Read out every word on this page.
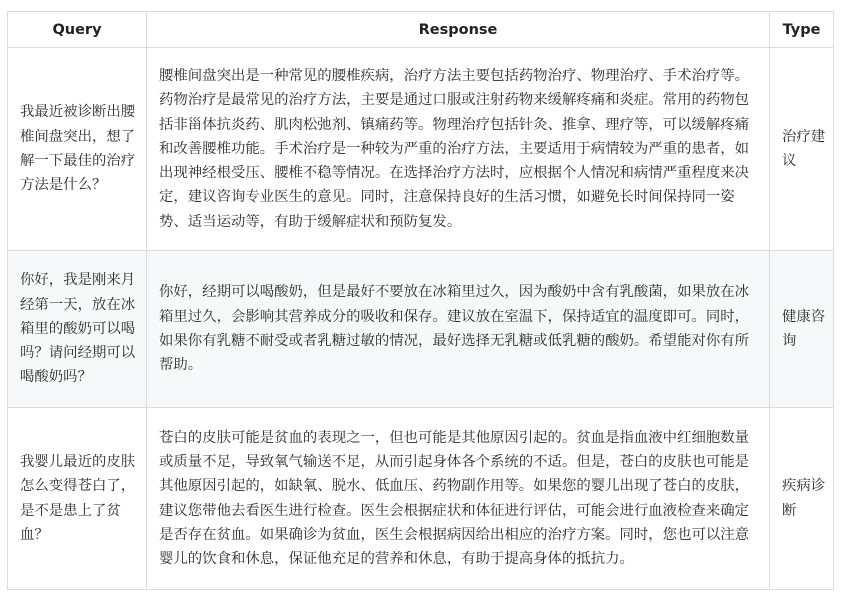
Query	Response	Type
我最近被诊断出腰椎间盘突出，想了解一下最佳的治疗方法是什么？	腰椎间盘突出是一种常见的腰椎疾病，治疗方法主要包括药物治疗、物理治疗、手术治疗等。药物治疗是最常见的治疗方法，主要是通过口服或注射药物来缓解疼痛和炎症。常用的药物包括非甾体抗炎药、肌肉松弛剂、镇痛药等。物理治疗包括针灸、推拿、理疗等，可以缓解疼痛和改善腰椎功能。手术治疗是一种较为严重的治疗方法，主要适用于病情较为严重的患者，如出现神经根受压、腰椎不稳等情况。在选择治疗方法时，应根据个人情况和病情严重程度来决定，建议咨询专业医生的意见。同时，注意保持良好的生活习惯，如避免长时间保持同一姿势、适当运动等，有助于缓解症状和预防复发。	治疗建议
你好，我是刚来月经第一天，放在冰箱里的酸奶可以喝吗？请问经期可以喝酸奶吗？	你好，经期可以喝酸奶，但是最好不要放在冰箱里过久，因为酸奶中含有乳酸菌，如果放在冰箱里过久，会影响其营养成分的吸收和保存。建议放在室温下，保持适宜的温度即可。同时，如果你有乳糖不耐受或者乳糖过敏的情况，最好选择无乳糖或低乳糖的酸奶。希望能对你有所帮助。	健康咨询
我婴儿最近的皮肤怎么变得苍白了，是不是患上了贫血？	苍白的皮肤可能是贫血的表现之一，但也可能是其他原因引起的。贫血是指血液中红细胞数量或质量不足，导致氧气输送不足，从而引起身体各个系统的不适。但是，苍白的皮肤也可能是其他原因引起的，如缺氧、脱水、低血压、药物副作用等。如果您的婴儿出现了苍白的皮肤，建议您带他去看医生进行检查。医生会根据症状和体征进行评估，可能会进行血液检查来确定是否存在贫血。如果确诊为贫血，医生会根据病因给出相应的治疗方案。同时，您也可以注意婴儿的饮食和休息，保证他充足的营养和休息，有助于提高身体的抵抗力。	疾病诊断
